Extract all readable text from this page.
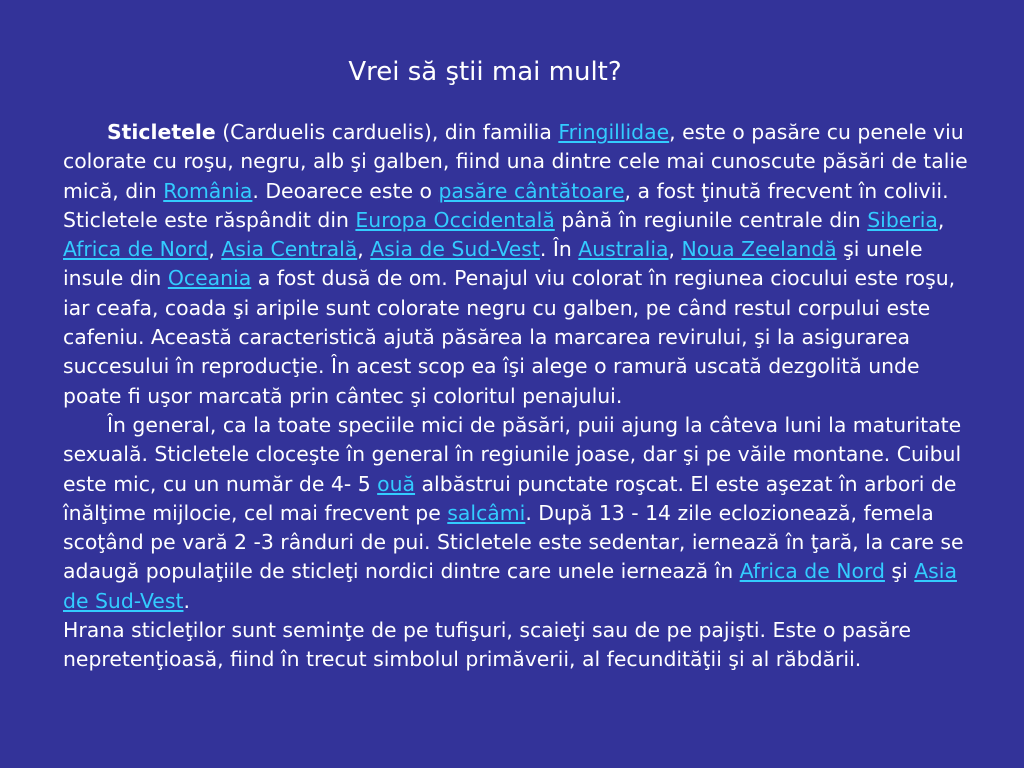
Vrei să ştii mai mult?

Sticletele (Carduelis carduelis), din familia Fringillidae, este o pasăre cu penele viu colorate cu roşu, negru, alb şi galben, fiind una dintre cele mai cunoscute păsări de talie mică, din România. Deoarece este o pasăre cântătoare, a fost ţinută frecvent în colivii. Sticletele este răspândit din Europa Occidentală până în regiunile centrale din Siberia, Africa de Nord, Asia Centrală, Asia de Sud-Vest. În Australia, Noua Zeelandă şi unele insule din Oceania a fost dusă de om. Penajul viu colorat în regiunea ciocului este roşu, iar ceafa, coada şi aripile sunt colorate negru cu galben, pe când restul corpului este cafeniu. Această caracteristică ajută păsărea la marcarea revirului, şi la asigurarea succesului în reproducţie. În acest scop ea îşi alege o ramură uscată dezgolită unde poate fi uşor marcată prin cântec şi coloritul penajului.

În general, ca la toate speciile mici de păsări, puii ajung la câteva luni la maturitate sexuală. Sticletele cloceşte în general în regiunile joase, dar şi pe văile montane. Cuibul este mic, cu un număr de 4- 5 ouă albăstrui punctate roşcat. El este aşezat în arbori de înălţime mijlocie, cel mai frecvent pe salcâmi. După 13 - 14 zile eclozionează, femela scoţând pe vară 2 -3 rânduri de pui. Sticletele este sedentar, iernează în ţară, la care se adaugă populaţiile de sticleţi nordici dintre care unele iernează în Africa de Nord şi Asia de Sud-Vest.

Hrana sticleţilor sunt seminţe de pe tufişuri, scaieţi sau de pe pajişti. Este o pasăre nepretenţioasă, fiind în trecut simbolul primăverii, al fecundităţii şi al răbdării.
